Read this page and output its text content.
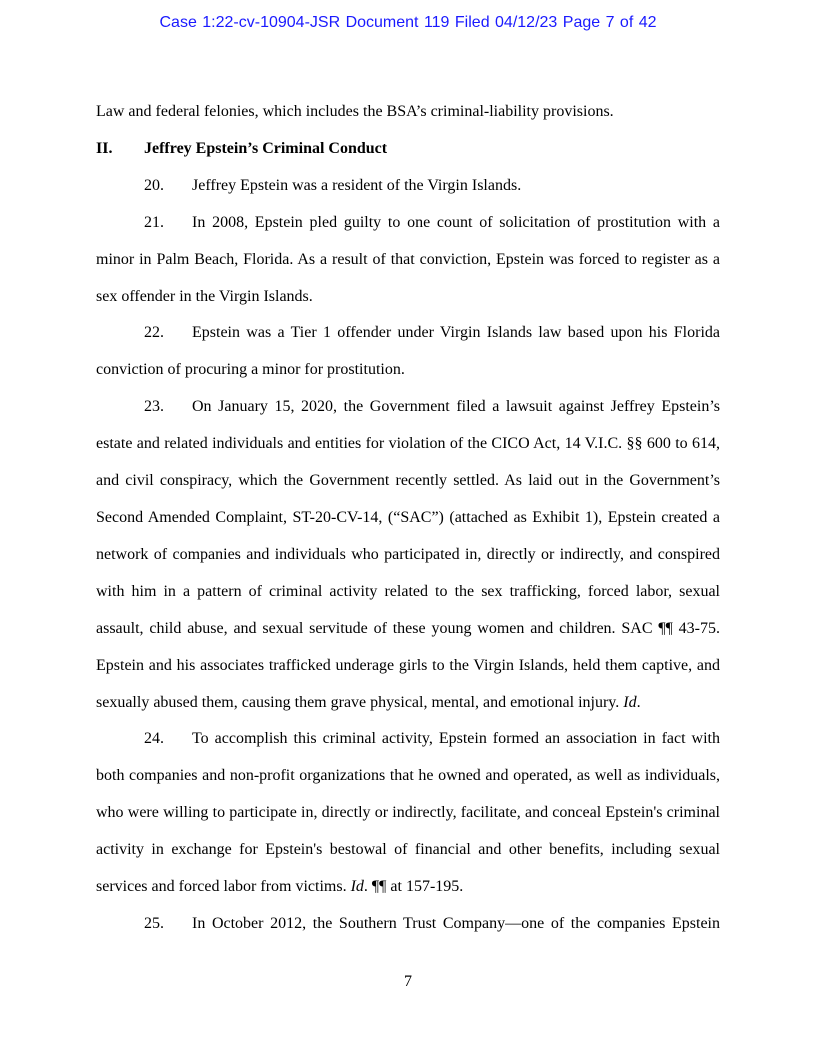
Case 1:22-cv-10904-JSR Document 119 Filed 04/12/23 Page 7 of 42

Law and federal felonies, which includes the BSA’s criminal-liability provisions.

II. Jeffrey Epstein’s Criminal Conduct

20. Jeffrey Epstein was a resident of the Virgin Islands.

21. In 2008, Epstein pled guilty to one count of solicitation of prostitution with a minor in Palm Beach, Florida. As a result of that conviction, Epstein was forced to register as a sex offender in the Virgin Islands.

22. Epstein was a Tier 1 offender under Virgin Islands law based upon his Florida conviction of procuring a minor for prostitution.

23. On January 15, 2020, the Government filed a lawsuit against Jeffrey Epstein’s estate and related individuals and entities for violation of the CICO Act, 14 V.I.C. §§ 600 to 614, and civil conspiracy, which the Government recently settled. As laid out in the Government’s Second Amended Complaint, ST-20-CV-14, (“SAC”) (attached as Exhibit 1), Epstein created a network of companies and individuals who participated in, directly or indirectly, and conspired with him in a pattern of criminal activity related to the sex trafficking, forced labor, sexual assault, child abuse, and sexual servitude of these young women and children. SAC ¶¶ 43-75. Epstein and his associates trafficked underage girls to the Virgin Islands, held them captive, and sexually abused them, causing them grave physical, mental, and emotional injury. Id.

24. To accomplish this criminal activity, Epstein formed an association in fact with both companies and non-profit organizations that he owned and operated, as well as individuals, who were willing to participate in, directly or indirectly, facilitate, and conceal Epstein's criminal activity in exchange for Epstein's bestowal of financial and other benefits, including sexual services and forced labor from victims. Id. ¶¶ at 157-195.

25. In October 2012, the Southern Trust Company—one of the companies Epstein

7
